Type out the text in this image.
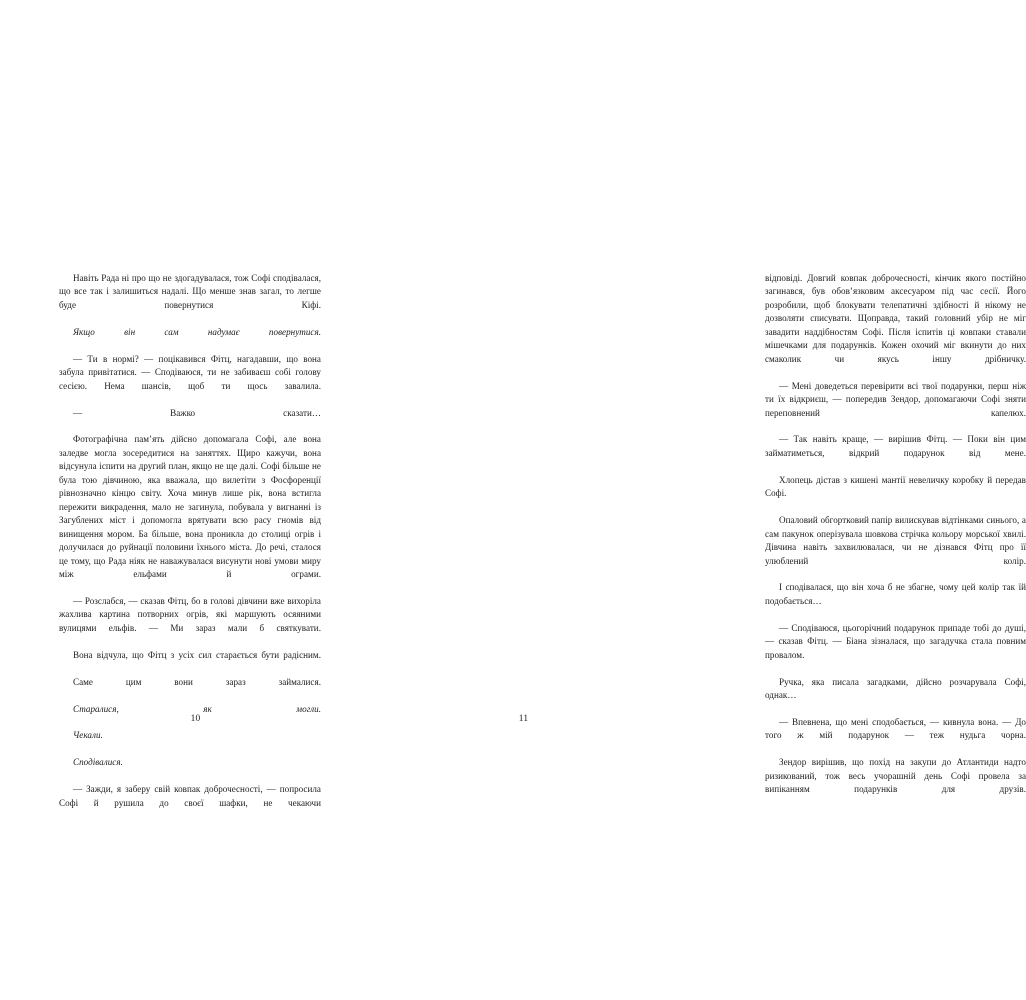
Навіть Рада ні про що не здогадувалася, тож Софі сподівалася, що все так і залишиться надалі. Що менше знав загал, то легше буде повернутися Кіфі.

Якщо він сам надумає повернутися.

— Ти в нормі? — поцікавився Фітц, нагадавши, що вона забула привітатися. — Сподіваюся, ти не забиваєш собі голову сесією. Нема шансів, щоб ти щось завалила.

— Важко сказати…

Фотографічна пам’ять дійсно допомагала Софі, але вона заледве могла зосередитися на заняттях. Щиро кажучи, вона відсунула іспити на другий план, якщо не ще далі. Софі більше не була тою дівчиною, яка вважала, що вилетіти з Фосфоренції рівнозначно кінцю світу. Хоча минув лише рік, вона встигла пережити викрадення, мало не загинула, побувала у вигнанні із Загублених міст і допомогла врятувати всю расу гномів від винищення мором. Ба більше, вона проникла до столиці огрів і долучилася до руйнації половини їхнього міста. До речі, сталося це тому, що Рада ніяк не наважувалася висунути нові умови миру між ельфами й ограми.

— Розслабся, — сказав Фітц, бо в голові дівчини вже вихоріла жахлива картина потворних огрів, які маршують осяяними вулицями ельфів. — Ми зараз мали б святкувати.

Вона відчула, що Фітц з усіх сил старається бути радісним.

Саме цим вони зараз займалися.

Старалися, як могли.

Чекали.

Сподівалися.

— Зажди, я заберу свій ковпак доброчесності, — попросила Софі й рушила до своєї шафки, не чекаючи

10

відповіді. Довгий ковпак доброчесності, кінчик якого постійно загинався, був обов’язковим аксесуаром під час сесії. Його розробили, щоб блокувати телепатичні здібності й нікому не дозволяти списувати. Щоправда, такий головний убір не міг завадити наддібностям Софі. Після іспитів ці ковпаки ставали мішечками для подарунків. Кожен охочий міг вкинути до них смаколик чи якусь іншу дрібничку.

— Мені доведеться перевірити всі твої подарунки, перш ніж ти їх відкриєш, — попередив Зендор, допомагаючи Софі зняти переповнений капелюх.

— Так навіть краще, — вирішив Фітц. — Поки він цим займатиметься, відкрий подарунок від мене.

Хлопець дістав з кишені мантії невеличку коробку й передав Софі.

Опаловий обгортковий папір вилискував відтінками синього, а сам пакунок оперізувала шовкова стрічка кольору морської хвилі. Дівчина навіть захвилювалася, чи не дізнався Фітц про її улюблений колір.

І сподівалася, що він хоча б не збагне, чому цей колір так їй подобається…

— Сподіваюся, цьогорічний подарунок припаде тобі до душі, — сказав Фітц. — Біана зізналася, що загадучка стала повним провалом.

Ручка, яка писала загадками, дійсно розчарувала Софі, однак…

— Впевнена, що мені сподобається, — кивнула вона. — До того ж мій подарунок — теж нудьга чорна.

Зендор вирішив, що похід на закупи до Атлантиди надто ризикований, тож весь учорашній день Софі провела за випіканням подарунків для друзів.

11
